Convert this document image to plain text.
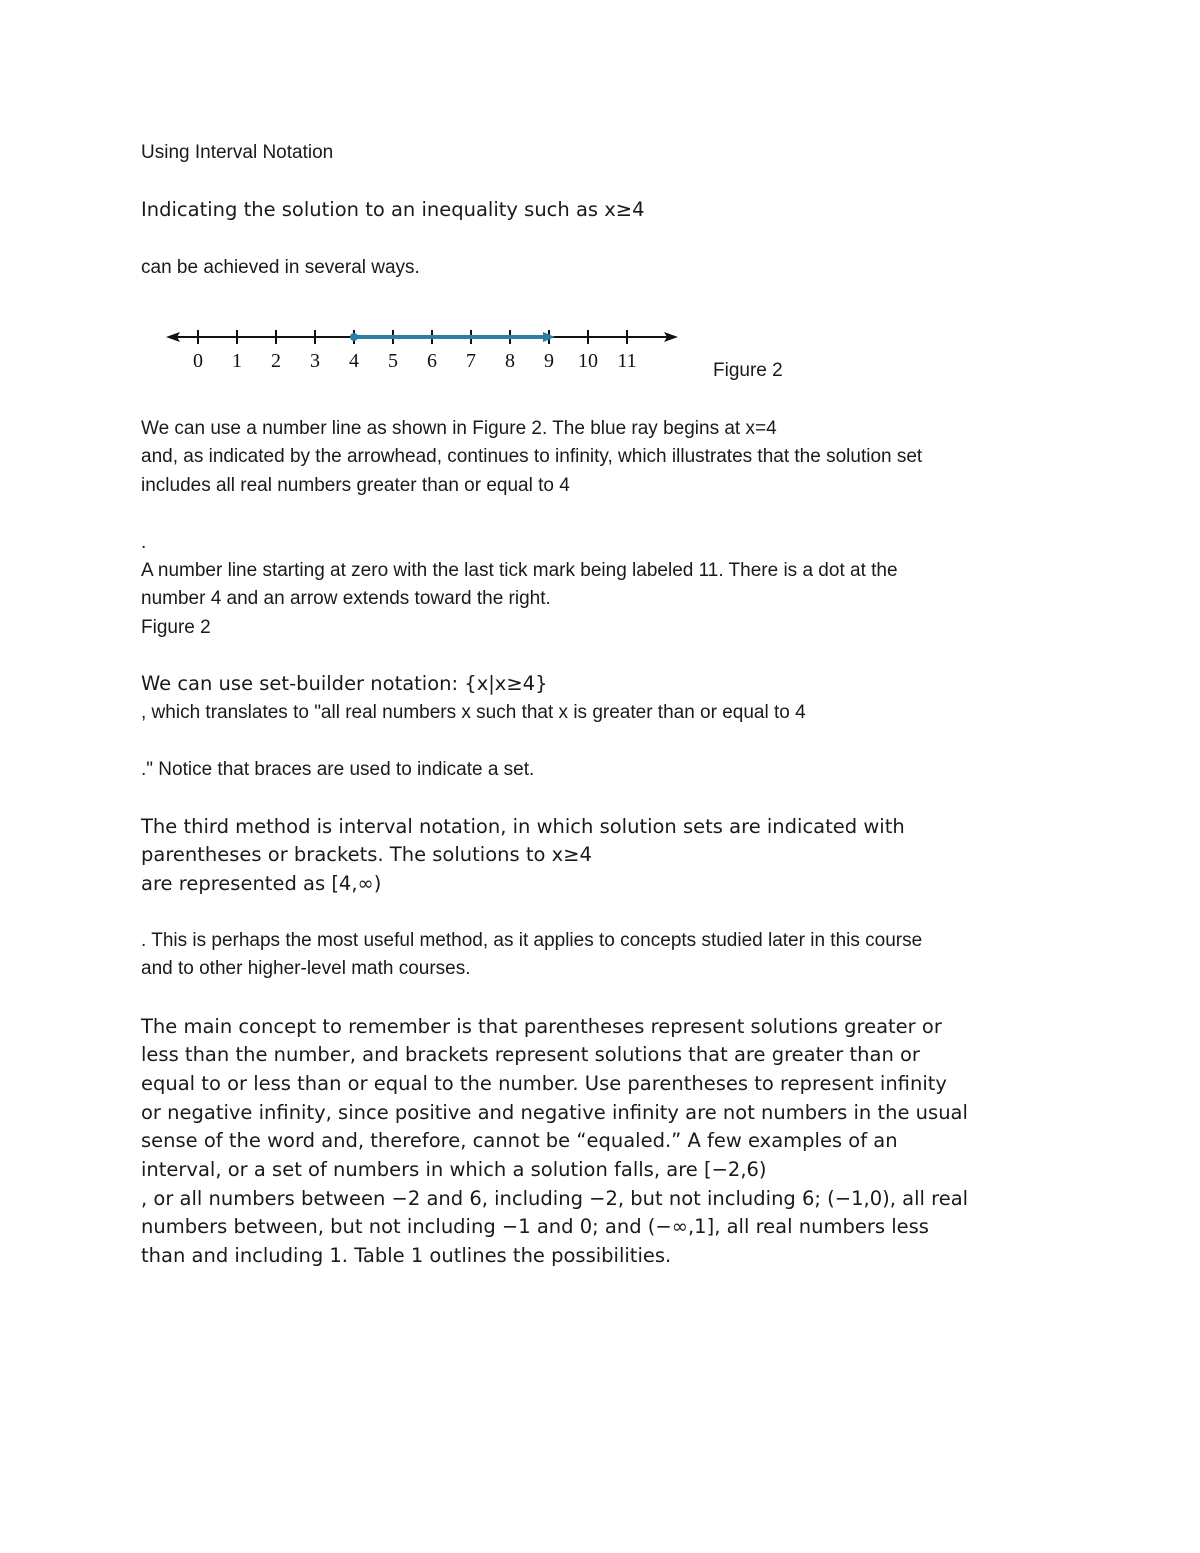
Using Interval Notation

Indicating the solution to an inequality such as x≥4

can be achieved in several ways.

Figure 2

We can use a number line as shown in Figure 2. The blue ray begins at x=4

and, as indicated by the arrowhead, continues to infinity, which illustrates that the solution set

includes all real numbers greater than or equal to 4

.

A number line starting at zero with the last tick mark being labeled 11. There is a dot at the

number 4 and an arrow extends toward the right.

Figure 2

We can use set-builder notation: {x|x≥4}

, which translates to "all real numbers x such that x is greater than or equal to 4

." Notice that braces are used to indicate a set.

The third method is interval notation, in which solution sets are indicated with

parentheses or brackets. The solutions to x≥4

are represented as [4,∞)

. This is perhaps the most useful method, as it applies to concepts studied later in this course

and to other higher-level math courses.

The main concept to remember is that parentheses represent solutions greater or

less than the number, and brackets represent solutions that are greater than or

equal to or less than or equal to the number. Use parentheses to represent infinity

or negative infinity, since positive and negative infinity are not numbers in the usual

sense of the word and, therefore, cannot be “equaled.” A few examples of an

interval, or a set of numbers in which a solution falls, are [−2,6)

, or all numbers between −2 and 6, including −2, but not including 6; (−1,0), all real

numbers between, but not including −1 and 0; and (−∞,1], all real numbers less

than and including 1. Table 1 outlines the possibilities.

0 1 2 3 4 5 6 7 8 9 10 11
